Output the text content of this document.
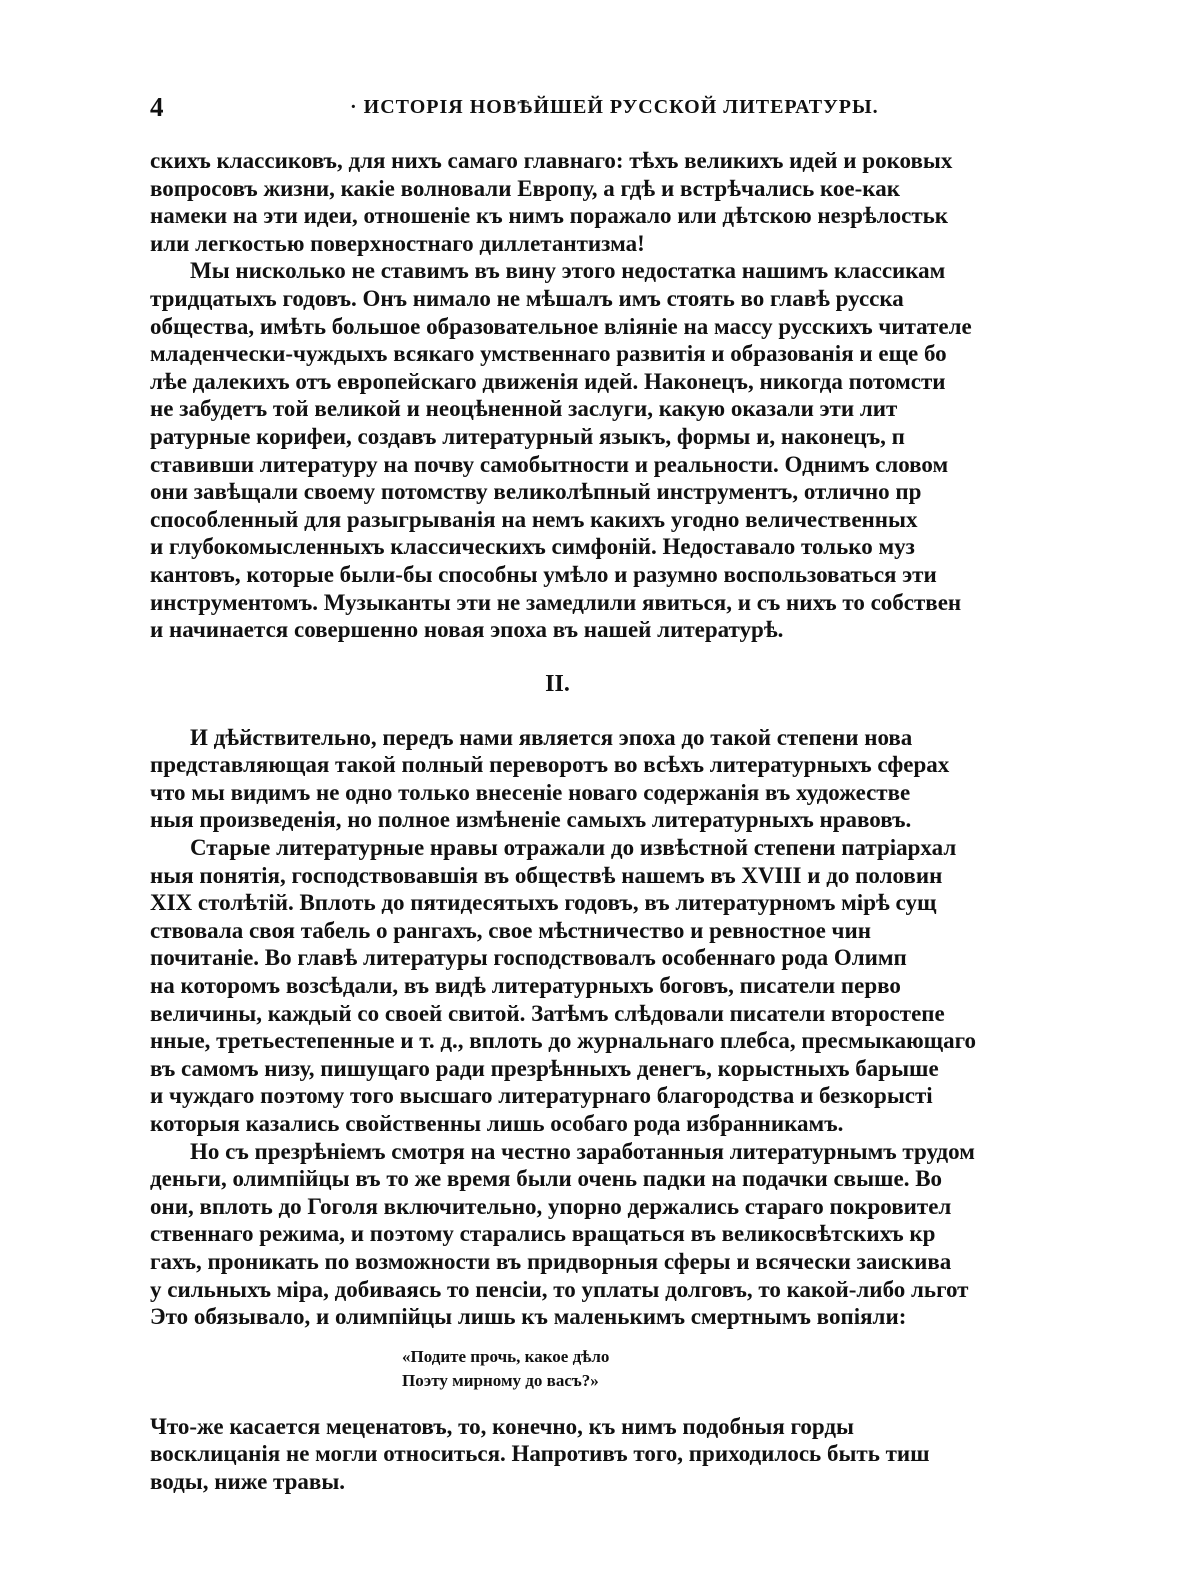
4	· ИСТОРІЯ НОВѢЙШЕЙ РУССКОЙ ЛИТЕРАТУРЫ.
скихъ классиковъ, для нихъ самаго главнаго: тѣхъ великихъ идей и роковых
вопросовъ жизни, какіе волновали Европу, а гдѣ и встрѣчались кое-как
намеки на эти идеи, отношеніе къ нимъ поражало или дѣтскою незрѣлостьк
или легкостью поверхностнаго диллетантизма!
Мы нисколько не ставимъ въ вину этого недостатка нашимъ классикам
тридцатыхъ годовъ. Онъ нимало не мѣшалъ имъ стоять во главѣ русска
общества, имѣть большое образовательное вліяніе на массу русскихъ читателе
младенчески-чуждыхъ всякаго умственнаго развитія и образованія и еще бо
лѣе далекихъ отъ европейскаго движенія идей. Наконецъ, никогда потомсти
не забудетъ той великой и неоцѣненной заслуги, какую оказали эти лит
ратурные корифеи, создавъ литературный языкъ, формы и, наконецъ, п
ставивши литературу на почву самобытности и реальности. Однимъ словом
они завѣщали своему потомству великолѣпный инструментъ, отлично пр
способленный для разыгрыванія на немъ какихъ угодно величественных
и глубокомысленныхъ классическихъ симфоній. Недоставало только муз
кантовъ, которые были-бы способны умѣло и разумно воспользоваться эти
инструментомъ. Музыканты эти не замедлили явиться, и съ нихъ то собствен
и начинается совершенно новая эпоха въ нашей литературѣ.
II.
И дѣйствительно, передъ нами является эпоха до такой степени нова
представляющая такой полный переворотъ во всѣхъ литературныхъ сферах
что мы видимъ не одно только внесеніе новаго содержанія въ художестве
ныя произведенія, но полное измѣненіе самыхъ литературныхъ нравовъ.
Старые литературные нравы отражали до извѣстной степени патріархал
ныя понятія, господствовавшія въ обществѣ нашемъ въ XVIII и до половин
XIX столѣтій. Вплоть до пятидесятыхъ годовъ, въ литературномъ мірѣ сущ
ствовала своя табель о рангахъ, свое мѣстничество и ревностное чин
почитаніе. Во главѣ литературы господствовалъ особеннаго рода Олимп
на которомъ возсѣдали, въ видѣ литературныхъ боговъ, писатели перво
величины, каждый со своей свитой. Затѣмъ слѣдовали писатели второстепе
нные, третьестепенные и т. д., вплоть до журнальнаго плебса, пресмыкающаго
въ самомъ низу, пишущаго ради презрѣнныхъ денегъ, корыстныхъ барыше
и чуждаго поэтому того высшаго литературнаго благородства и безкорысті
которыя казались свойственны лишь особаго рода избранникамъ.
Но съ презрѣніемъ смотря на честно заработанныя литературнымъ трудом
деньги, олимпійцы въ то же время были очень падки на подачки свыше. Во
они, вплоть до Гоголя включительно, упорно держались стараго покровител
ственнаго режима, и поэтому старались вращаться въ великосвѣтскихъ кр
гахъ, проникать по возможности въ придворныя сферы и всячески заискива
у сильныхъ міра, добиваясь то пенсіи, то уплаты долговъ, то какой-либо льгот
Это обязывало, и олимпійцы лишь къ маленькимъ смертнымъ вопіяли:
«Подите прочь, какое дѣло
Поэту мирному до васъ?»
Что-же касается меценатовъ, то, конечно, къ нимъ подобныя горды
восклицанія не могли относиться. Напротивъ того, приходилось быть тиш
воды, ниже травы.
